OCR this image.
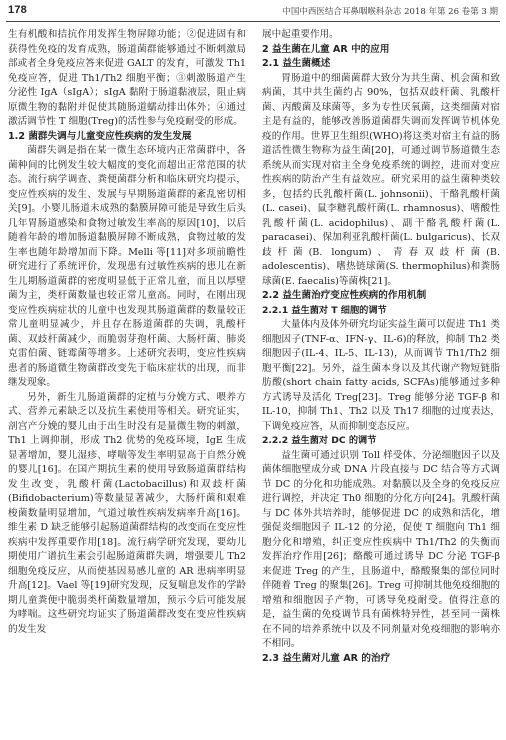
178	中国中西医结合耳鼻咽喉科杂志 2018 年第 26 卷第 3 期

生有机酸和拮抗作用发挥生物屏障功能；②促进固有和获得性免疫的发育成熟，肠道菌群能够通过不断刺激局部或者全身免疫应答来促进 GALT 的发育，可激发 Th1 免疫应答，促进 Th1/Th2 细胞平衡；③刺激肠道产生分泌性 IgA（sIgA）；sIgA 黏附于肠道黏液层，阻止病原微生物的黏附并促使其随肠道蠕动排出体外；④通过激活调节性 T 细胞(Treg)的活性参与免疫耐受的形成。

1.2 菌群失调与儿童变应性疾病的发生发展

菌群失调是指在某一微生态环境内正常菌群中，各菌种间的比例发生较大幅度的变化而超出正常范围的状态。流行病学调查、粪便菌群分析和临床研究均提示，变应性疾病的发生、发展与早期肠道菌群的紊乱密切相关[9]。小婴儿肠道未成熟的黏膜屏障可能是导致生后头几年胃肠道感染和食物过敏发生率高的原因[10]，以后随着年龄的增加肠道黏膜屏障不断成熟，食物过敏的发生率也随年龄增加而下降。Melli 等[11]对多项前瞻性研究进行了系统评价，发现患有过敏性疾病的患儿在新生儿期肠道菌群的密度明显低于正常儿童，而且以厚壁菌为主，类杆菌数量也较正常儿童高。同时，在刚出现变应性疾病症状的儿童中也发现其肠道菌群的数量较正常儿童明显减少，并且存在肠道菌群的失调，乳酸杆菌、双歧杆菌减少，而脆弱芽孢杆菌、大肠杆菌、肺炎克雷伯菌、链霉菌等增多。上述研究表明，变应性疾病患者的肠道微生物菌群改变先于临床症状的出现，而非继发现象。

另外，新生儿肠道菌群的定植与分娩方式、喂养方式、营养元素缺乏以及抗生素使用等相关。研究证实，剖宫产分娩的婴儿由于出生时没有是量微生物的刺激，Th1 上调抑制，形成 Th2 优势的免疫环境，IgE 生成显著增加，婴儿湿疹、哮喘等发生率明显高于自然分娩的婴儿[16]。在国产期抗生素的使用导致肠道菌群结构发生改变，乳酸杆菌(Lactobacillus)和双歧杆菌(Bifidobacterium)等数量显著减少，大肠杆菌和艰难梭菌数量明显增加，气道过敏性疾病发病率升高[16]。维生素 D 缺乏能够引起肠道菌群结构的改变而在变应性疾病中发挥重要作用[18]。流行病学研究发现，要幼儿期使用广谱抗生素会引起肠道菌群失调，增强要儿 Th2 细胞免疫反应，从而使基因易感儿童的 AR 患病率明显升高[12]。Vael 等[19]研究发现，反复喘息发作的学龄期儿童粪便中脆弱类杆菌数量增加，预示今后可能发展为哮喘。这些研究均证实了肠道菌群改变在变应性疾病的发生发

展中起重要作用。

2 益生菌在儿童 AR 中的应用

2.1 益生菌概述

胃肠道中的细菌菌群大致分为共生菌、机会菌和致病菌，其中共生菌约占 90%，包括双歧杆菌、乳酸杆菌、丙酸菌及球菌等，多为专性厌氧菌，这类细菌对宿主是有益的，能够改善肠道菌群失调而发挥调节机体免疫的作用。世界卫生组织(WHO)将这类对宿主有益的肠道活性微生物称为益生菌[20]，可通过调节肠道微生态系统从而实现对宿主全身免疫系统的调控，进而对变应性疾病的防治产生有益效应。研究采用的益生菌种类较多，包括约氏乳酸杆菌(L. johnsonii)、干酪乳酸杆菌(L. casei)、鼠李糖乳酸杆菌(L. rhamnosus)、嗜酸性乳酸杆菌(L. acidophilus)、副干酪乳酸杆菌(L. paracasei)、保加利亚乳酸杆菌(L. bulgaricus)、长双歧杆菌(B. longum)、青春双歧杆菌(B. adolescentis)、嗜热链球菌(S. thermophilus)和粪肠球菌(E. faecalis)等菌株[21]。

2.2 益生菌治疗变应性疾病的作用机制

2.2.1 益生菌对 T 细胞的调节

大量体内及体外研究均证实益生菌可以促进 Th1 类细胞因子(TNF-α、IFN-γ、IL-6)的释放，抑制 Th2 类细胞因子(IL-4、IL-5、IL-13)，从而调节 Th1/Th2 细胞平衡[22]。另外，益生菌本身以及其代谢产物短链脂肪酸(short chain fatty acids, SCFAs)能够通过多种方式诱导及活化 Treg[23]。Treg 能够分泌 TGF-β 和 IL-10，抑制 Th1、Th2 以及 Th17 细胞的过度表达，下调免疫应答，从而抑制变态反应。

2.2.2 益生菌对 DC 的调节

益生菌可通过识别 Toll 样受体、分泌细胞因子以及菌体细胞壁成分或 DNA 片段直接与 DC 结合等方式调节 DC 的分化和功能成熟。对黏膜以及全身的免疫反应进行调控，并决定 Th0 细胞的分化方向[24]。乳酸杆菌与 DC 体外共培养时，能够促进 DC 的成熟和活化，增强促炎细胞因子 IL-12 的分泌，促使 T 细胞向 Th1 细胞分化和增殖，纠正变应性疾病中 Th1/Th2 的失衡而发挥治疗作用[26]；酪酸可通过诱导 DC 分泌 TGF-β 来促进 Treg 的产生，且肠道中，酪酸聚集的部位同时伴随着 Treg 的聚集[26]。Treg 可抑制其他免疫细胞的增殖和细胞因子产物，可诱导免疫耐受。值得注意的是，益生菌的免疫调节具有菌株特异性，甚至同一菌株在不同的培养系统中以及不同剂量对免疫细胞的影响亦不相同。

2.3 益生菌对儿童 AR 的治疗
